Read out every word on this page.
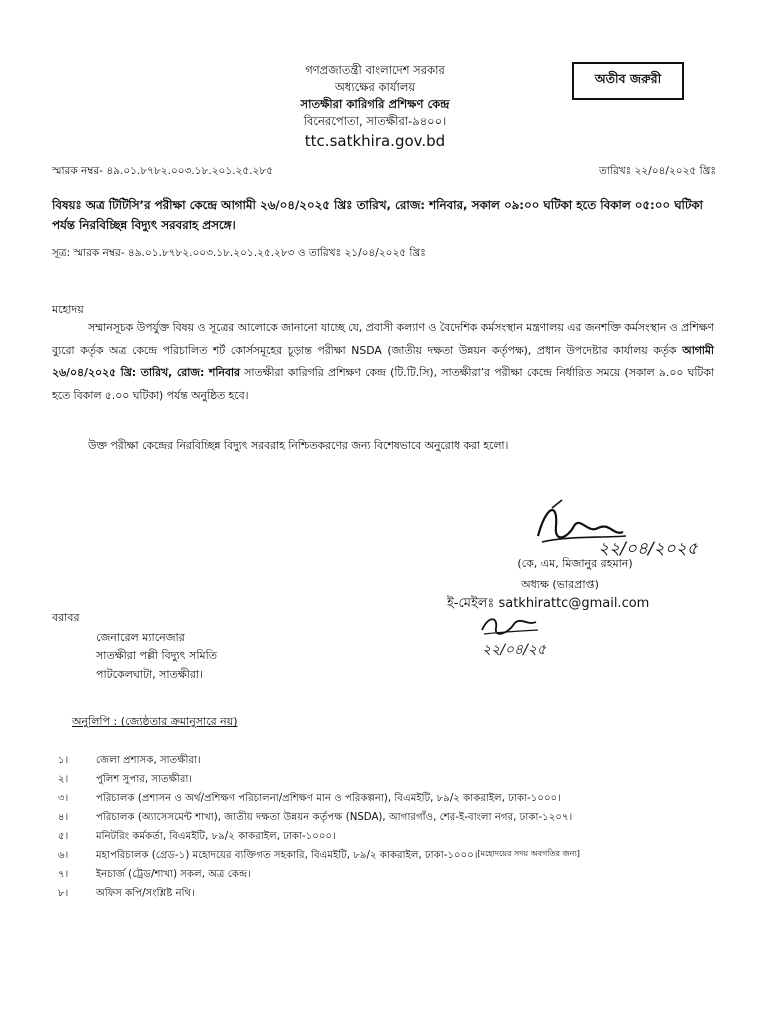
গণপ্রজাতন্ত্রী বাংলাদেশ সরকার
অধ্যক্ষের কার্যালয়
সাতক্ষীরা কারিগরি প্রশিক্ষণ কেন্দ্র
বিনেরপোতা, সাতক্ষীরা-৯৪০০।
ttc.satkhira.gov.bd
অতীব জরুরী
স্মারক নম্বর- ৪৯.০১.৮৭৮২.০০৩.১৮.২০১.২৫.২৮৫	তারিখঃ ২২/০৪/২০২৫ খ্রিঃ
বিষয়ঃ অত্র টিটিসি’র পরীক্ষা কেন্দ্রে আগামী ২৬/০৪/২০২৫ খ্রিঃ তারিখ, রোজ: শনিবার, সকাল ০৯:০০ ঘটিকা হতে বিকাল ০৫:০০ ঘটিকা পর্যন্ত নিরবিচ্ছিন্ন বিদ্যুৎ সরবরাহ প্রসঙ্গে।
সূত্র: স্মারক নম্বর- ৪৯.০১.৮৭৮২.০০৩.১৮.২০১.২৫.২৮৩ ও তারিখঃ ২১/০৪/২০২৫ খ্রিঃ
মহোদয়
সম্মানসূচক উপর্যুক্ত বিষয় ও সূত্রের আলোকে জানানো যাচ্ছে যে, প্রবাসী কল্যাণ ও বৈদেশিক কর্মসংস্থান মন্ত্রণালয় এর জনশক্তি কর্মসংস্থান ও প্রশিক্ষণ ব্যুরো কর্তৃক অত্র কেন্দ্রে পরিচালিত শর্ট কোর্সসমূহের চূড়ান্ত পরীক্ষা NSDA (জাতীয় দক্ষতা উন্নয়ন কর্তৃপক্ষ), প্রধান উপদেষ্টার কার্যালয় কর্তৃক আগামী ২৬/০৪/২০২৫ খ্রি: তারিখ, রোজ: শনিবার সাতক্ষীরা কারিগরি প্রশিক্ষণ কেন্দ্র (টি.টি.সি), সাতক্ষীরা’র পরীক্ষা কেন্দ্রে নির্ধারিত সময়ে (সকাল ৯.০০ ঘটিকা হতে বিকাল ৫.০০ ঘটিকা) পর্যন্ত অনুষ্ঠিত হবে।
উক্ত পরীক্ষা কেন্দ্রের নিরবিচ্ছিন্ন বিদ্যুৎ সরবরাহ নিশ্চিতকরণের জন্য বিশেষভাবে অনুরোধ করা হলো।
২২/০৪/২০২৫
(কে, এম, মিজানুর রহমান)
অধ্যক্ষ (ভারপ্রাপ্ত)
ই-মেইলঃ satkhirattc@gmail.com
২২/০৪/২৫
বরাবর
জেনারেল ম্যানেজার
সাতক্ষীরা পল্লী বিদ্যুৎ সমিতি
পাটকেলঘাটা, সাতক্ষীরা।
অনুলিপি : (জ্যেষ্ঠতার ক্রমানুসারে নয়)
১।	জেলা প্রশাসক, সাতক্ষীরা।
২।	পুলিশ সুপার, সাতক্ষীরা।
৩।	পরিচালক (প্রশাসন ও অর্থ/প্রশিক্ষণ পরিচালনা/প্রশিক্ষণ মান ও পরিকল্পনা), বিএমইটি, ৮৯/২ কাকরাইল, ঢাকা-১০০০।
৪।	পরিচালক (অ্যাসেসমেন্ট শাখা), জাতীয় দক্ষতা উন্নয়ন কর্তৃপক্ষ (NSDA), আগারগাঁও, শের-ই-বাংলা নগর, ঢাকা-১২০৭।
৫।	মনিটরিং কর্মকর্তা, বিএমইটি, ৮৯/২ কাকরাইল, ঢাকা-১০০০।
৬।	মহাপরিচালক (গ্রেড-১) মহোদয়ের ব্যক্তিগত সহকারি, বিএমইটি, ৮৯/২ কাকরাইল, ঢাকা-১০০০। [মহোদয়ের সদয় অবগতির জন্য]
৭।	ইনচার্জ (ট্রেড/শাখা) সকল, অত্র কেন্দ্র।
৮।	অফিস কপি/সংশ্লিষ্ট নথি।
